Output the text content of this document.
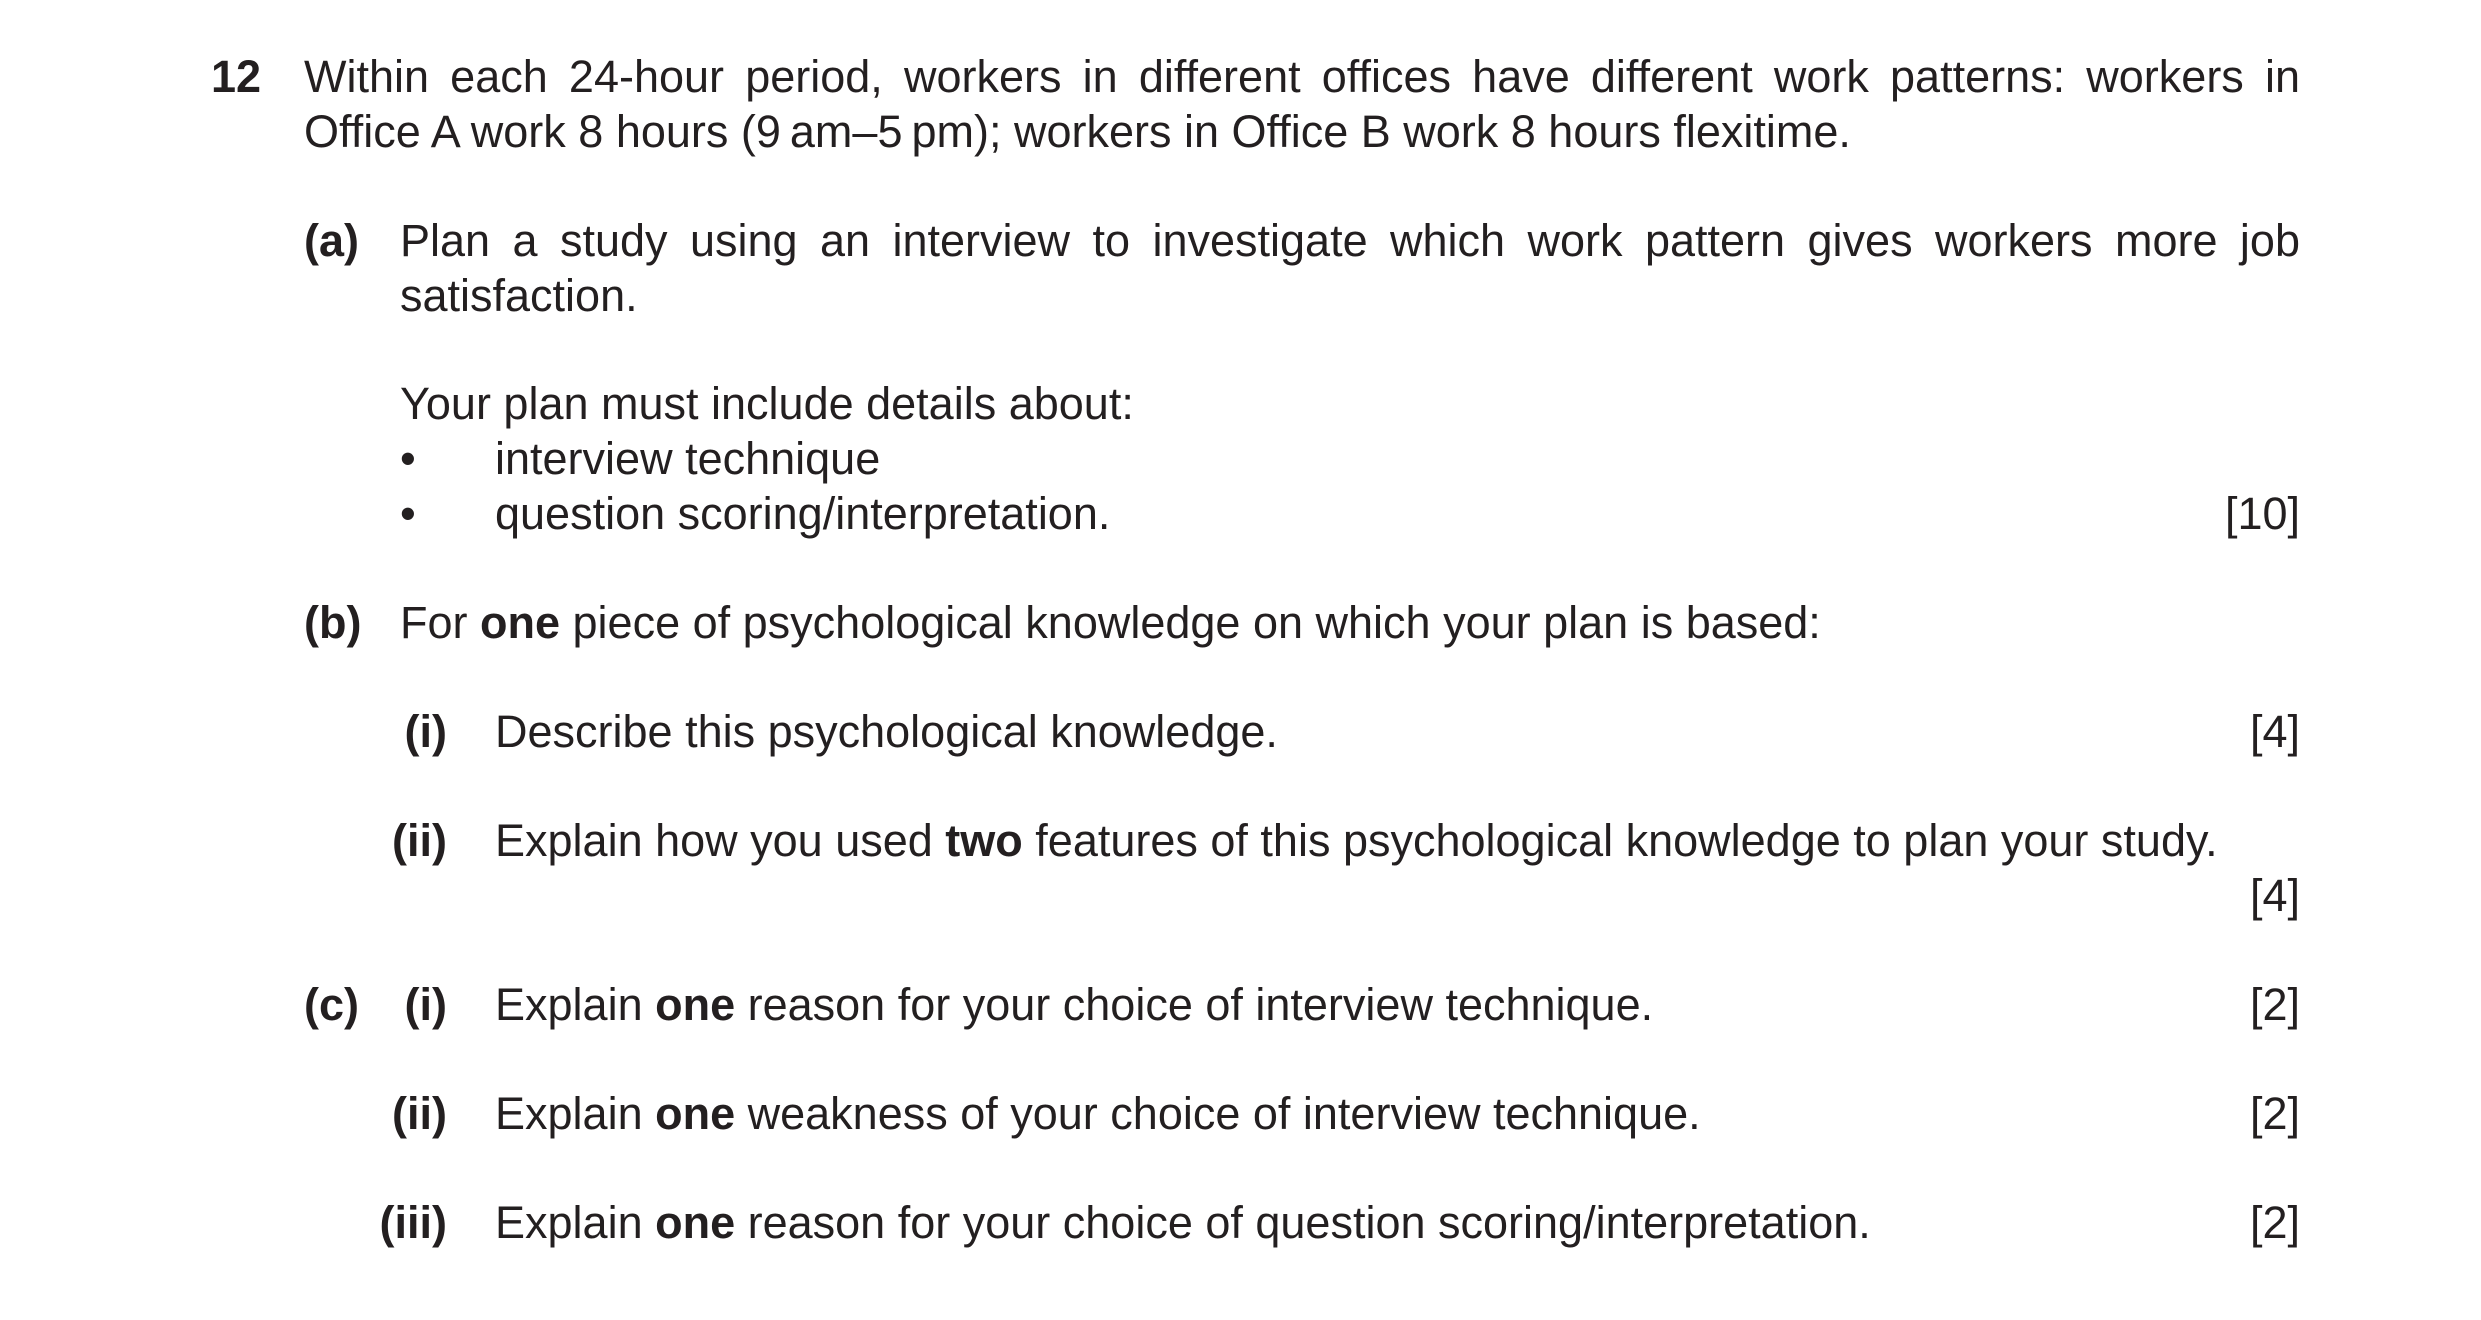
12 Within each 24-hour period, workers in different offices have different work patterns: workers in
Office A work 8 hours (9 am–5 pm); workers in Office B work 8 hours flexitime.
(a) Plan a study using an interview to investigate which work pattern gives workers more job
satisfaction.
Your plan must include details about:
• interview technique
• question scoring/interpretation.	[10]
(b) For one piece of psychological knowledge on which your plan is based:
(i) Describe this psychological knowledge.	[4]
(ii) Explain how you used two features of this psychological knowledge to plan your study.
[4]
(c)	(i) Explain one reason for your choice of interview technique.	[2]
(ii) Explain one weakness of your choice of interview technique.	[2]
(iii) Explain one reason for your choice of question scoring/interpretation.	[2]
